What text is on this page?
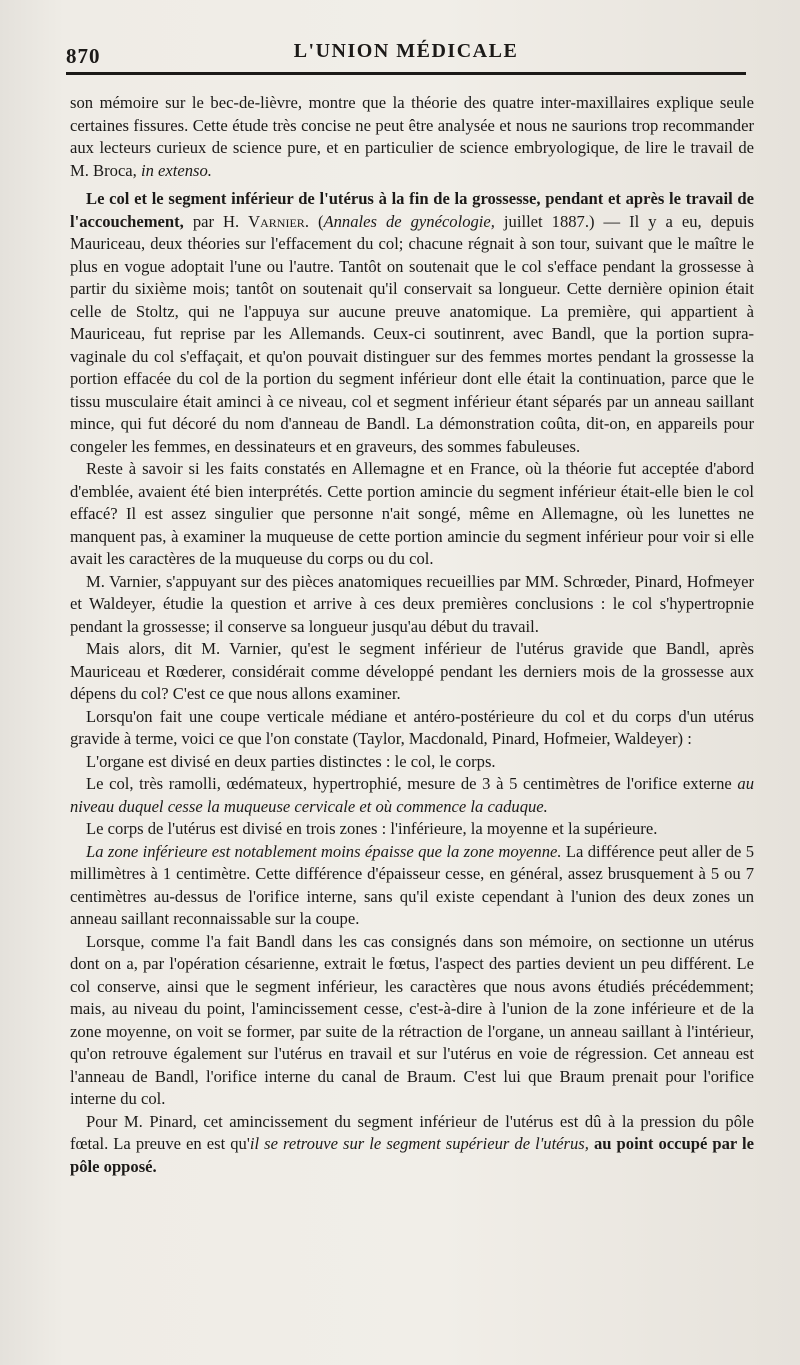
870	L'UNION MÉDICALE

son mémoire sur le bec-de-lièvre, montre que la théorie des quatre inter-maxillaires explique seule certaines fissures. Cette étude très concise ne peut être analysée et nous ne saurions trop recommander aux lecteurs curieux de science pure, et en particulier de science embryologique, de lire le travail de M. Broca, in extenso.

Le col et le segment inférieur de l'utérus à la fin de la grossesse, pendant et après le travail de l'accouchement, par H. Varnier. (Annales de gynécologie, juillet 1887.) — Il y a eu, depuis Mauriceau, deux théories sur l'effacement du col; chacune régnait à son tour, suivant que le maître le plus en vogue adoptait l'une ou l'autre. Tantôt on soutenait que le col s'efface pendant la grossesse à partir du sixième mois; tantôt on soutenait qu'il conservait sa longueur. Cette dernière opinion était celle de Stoltz, qui ne l'appuya sur aucune preuve anatomique. La première, qui appartient à Mauriceau, fut reprise par les Allemands. Ceux-ci soutinrent, avec Bandl, que la portion supra-vaginale du col s'effaçait, et qu'on pouvait distinguer sur des femmes mortes pendant la grossesse la portion effacée du col de la portion du segment inférieur dont elle était la continuation, parce que le tissu musculaire était aminci à ce niveau, col et segment inférieur étant séparés par un anneau saillant mince, qui fut décoré du nom d'anneau de Bandl. La démonstration coûta, dit-on, en appareils pour congeler les femmes, en dessinateurs et en graveurs, des sommes fabuleuses.

Reste à savoir si les faits constatés en Allemagne et en France, où la théorie fut acceptée d'abord d'emblée, avaient été bien interprétés. Cette portion amincie du segment inférieur était-elle bien le col effacé? Il est assez singulier que personne n'ait songé, même en Allemagne, où les lunettes ne manquent pas, à examiner la muqueuse de cette portion amincie du segment inférieur pour voir si elle avait les caractères de la muqueuse du corps ou du col.

M. Varnier, s'appuyant sur des pièces anatomiques recueillies par MM. Schrœder, Pinard, Hofmeyer et Waldeyer, étudie la question et arrive à ces deux premières conclusions : le col s'hypertropnie pendant la grossesse; il conserve sa longueur jusqu'au début du travail.

Mais alors, dit M. Varnier, qu'est le segment inférieur de l'utérus gravide que Bandl, après Mauriceau et Rœderer, considérait comme développé pendant les derniers mois de la grossesse aux dépens du col? C'est ce que nous allons examiner.

Lorsqu'on fait une coupe verticale médiane et antéro-postérieure du col et du corps d'un utérus gravide à terme, voici ce que l'on constate (Taylor, Macdonald, Pinard, Hofmeier, Waldeyer) :

L'organe est divisé en deux parties distinctes : le col, le corps.

Le col, très ramolli, œdémateux, hypertrophié, mesure de 3 à 5 centimètres de l'orifice externe au niveau duquel cesse la muqueuse cervicale et où commence la caduque.

Le corps de l'utérus est divisé en trois zones : l'inférieure, la moyenne et la supérieure.

La zone inférieure est notablement moins épaisse que la zone moyenne. La différence peut aller de 5 millimètres à 1 centimètre. Cette différence d'épaisseur cesse, en général, assez brusquement à 5 ou 7 centimètres au-dessus de l'orifice interne, sans qu'il existe cependant à l'union des deux zones un anneau saillant reconnaissable sur la coupe.

Lorsque, comme l'a fait Bandl dans les cas consignés dans son mémoire, on sectionne un utérus dont on a, par l'opération césarienne, extrait le fœtus, l'aspect des parties devient un peu différent. Le col conserve, ainsi que le segment inférieur, les caractères que nous avons étudiés précédemment; mais, au niveau du point, l'amincissement cesse, c'est-à-dire à l'union de la zone inférieure et de la zone moyenne, on voit se former, par suite de la rétraction de l'organe, un anneau saillant à l'intérieur, qu'on retrouve également sur l'utérus en travail et sur l'utérus en voie de régression. Cet anneau est l'anneau de Bandl, l'orifice interne du canal de Braum. C'est lui que Braum prenait pour l'orifice interne du col.

Pour M. Pinard, cet amincissement du segment inférieur de l'utérus est dû à la pression du pôle fœtal. La preuve en est qu'il se retrouve sur le segment supérieur de l'utérus, au point occupé par le pôle opposé.
